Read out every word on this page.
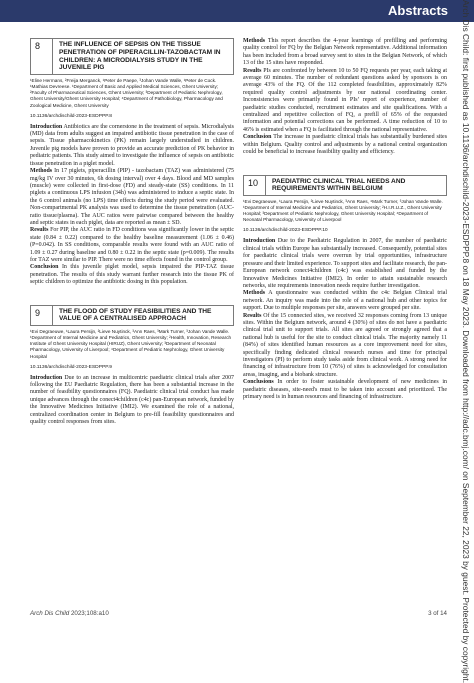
Abstracts	Arch Dis Child: first published as 10.1136/archdischild-2023-ESDPPP.8 on 18 May 2023. Downloaded from http://adc.bmj.com/ on September 22, 2023 by guest. Protected by copyright.
8	THE INFLUENCE OF SEPSIS ON THE TISSUE PENETRATION OF PIPERACILLIN-TAZOBACTAM IN CHILDREN: A MICRODIALYSIS STUDY IN THE JUVENILE PIG
¹Eline Hermans, ²Freija Merganck, ¹Peter de Paepe, ³Johan Vande Walle, ¹Peter de Cock. ¹Mathias Devreese. ¹Department of Basic and Applied Medical Sciences, Ghent University; ²Faculty of Pharmaceutical Sciences, Ghent University; ³Department of Pediatric Nephrology, Ghent University/Ghent University Hospital; ⁴Department of Pathobiology, Pharmacology and Zoological Medicine, Ghent University
10.1136/archdischild-2023-ESDPPP.8

Introduction Antibiotics are the cornerstone in the treatment of sepsis. Microdialysis (MD) data from adults suggest an impaired antibiotic tissue penetration in the case of sepsis. Tissue pharmacokinetics (PK) remain largely understudied in children. Juvenile pig models have proven to provide an accurate prediction of PK behavior in pediatric patients. This study aimed to investigate the influence of sepsis on antibiotic tissue penetration in a piglet model.

Methods In 17 piglets, piperacillin (PIP) - tazobactam (TAZ) was administered (75 mg/kg IV over 30 minutes, 6h dosing interval) over 4 days. Blood and MD samples (muscle) were collected in first-dose (FD) and steady-state (SS) conditions. In 11 piglets a continuous LPS infusion (34h) was administered to induce a septic state. In the 6 control animals (no LPS) time effects during the study period were evaluated. Non-compartmental PK analysis was used to determine the tissue penetration (AUC-ratio tissue/plasma). The AUC ratios were pairwise compared between the healthy and septic states in each piglet, data are reported as mean ± SD.

Results For PIP, the AUC ratio in FD conditions was significantly lower in the septic state (0.84 ± 0.22) compared to the healthy baseline measurement (1.06 ± 0.46) (P=0.042). In SS conditions, comparable results were found with an AUC ratio of 1.09 ± 0.27 during baseline and 0.80 ± 0.22 in the septic state (p=0.009). The results for TAZ were similar to PIP. There were no time effects found in the control group.

Conclusion In this juvenile piglet model, sepsis impaired the PIP-TAZ tissue penetration. The results of this study warrant further research into the tissue PK of septic children to optimize the antibiotic dosing in this population.

9	THE FLOOD OF STUDY FEASIBILITIES AND THE VALUE OF A CENTRALISED APPROACH
¹Evi Degraeuwe, ¹Laura Persijn, ²Lieve Nuytinck, ³Ann Raes, ³Mark Turner, ³Johan Vande Walle. ¹Department of Internal Medicine and Pediatrics, Ghent University; ²Health, Innovation, Research Institute of Ghent University Hospital (HIRUZ), Ghent University; ³Department of Neonatal Pharmacology, University of Liverpool; ⁴Department of Pediatric Nephrology, Ghent University Hospital
10.1136/archdischild-2023-ESDPPP.9

Introduction Due to an increase in multicentric paediatric clinical trials after 2007 following the EU Paediatric Regulation, there has been a substantial increase in the number of feasibility questionnaires (FQ). Paediatric clinical trial conduct has made unique advances through the conect4children (c4c) pan-European network, funded by the Innovative Medicines Initiative (IMI2). We examined the role of a national, centralized coordination center in Belgium to pre-fill feasibility questionnaires and quality control responses from sites.

Methods This report describes the 4-year learnings of prefilling and performing quality control for FQ by the Belgian Network representative. Additional information has been included from a broad survey sent to sites in the Belgian Network, of which 13 of the 15 sites have responded.

Results PIs are confronted by between 10 to 50 FQ requests per year, each taking at average 60 minutes. The number of redundant questions asked by sponsors is on average 43% of the FQ. Of the 112 completed feasibilities, approximately 82% required quality control adjustments by our national coordinating center. Inconsistencies were primarily found in PIs’ report of experience, number of paediatric studies conducted, recruitment estimates and site qualifications. With a centralized and repetitive collection of FQ, a prefill of 65% of the requested information and potential corrections can be performed. A time reduction of 10 to 46% is estimated when a FQ is facilitated through the national representative.

Conclusion The increase in paediatric clinical trials has substantially burdened sites within Belgium. Quality control and adjustments by a national central organization could be beneficial to increase feasibility quality and efficiency.

10	PAEDIATRIC CLINICAL TRIAL NEEDS AND REQUIREMENTS WITHIN BELGIUM
¹Evi Degraeuwe, ¹Laura Persijn, ²Lieve Nuytinck, ³Ann Raes, ⁴Mark Turner, ³Johan Vande Walle. ¹Department of Internal Medicine and Pediatrics, Ghent University; ²H.I.R.U.Z., Ghent University Hospital; ³Department of Pediatric Nephrology, Ghent University Hospital; ⁴Department of Neonatal Pharmacology, University of Liverpool
10.1136/archdischild-2023-ESDPPP.10

Introduction Due to the Paediatric Regulation in 2007, the number of paediatric clinical trials within Europe has substantially increased. Consequently, potential sites for paediatric clinical trials were overrun by trial opportunities, infrastructure pressure and their limited experience. To support sites and facilitate research, the pan-European network conect4children (c4c) was established and funded by the Innovative Medicines Initiative (IMI2). In order to attain sustainable research networks, site requirements innovation needs require further investigation.

Methods A questionnaire was conducted within the c4c Belgian Clinical trial network. An inquiry was made into the role of a national hub and other topics for support. Due to multiple responses per site, answers were grouped per site.

Results Of the 15 connected sites, we received 32 responses coming from 13 unique sites. Within the Belgium network, around 4 (30%) of sites do not have a paediatric clinical trial unit to support trials. All sites are agreed or strongly agreed that a national hub is useful for the site to conduct clinical trials. The majority namely 11 (84%) of sites identified human resources as a core improvement need for sites, specifically finding dedicated clinical research nurses and time for principal investigators (PI) to perform study tasks aside from clinical work. A strong need for financing of infrastructure from 10 (76%) of sites is acknowledged for consultation areas, imaging, and a biobank structure.

Conclusions In order to foster sustainable development of new medicines in paediatric diseases, site-need's must to be taken into account and prioritized. The primary need is in human resources and financing of infrastructure.

Arch Dis Child 2023;108:a10	3 of 14
